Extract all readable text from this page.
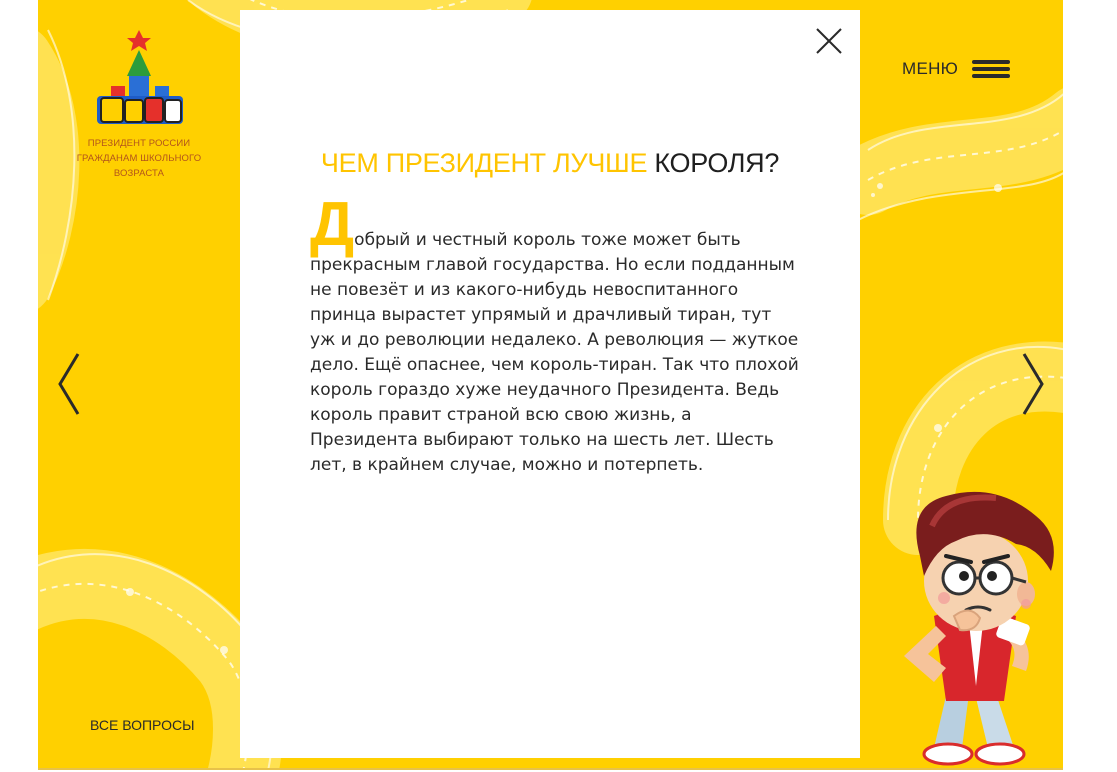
ПРЕЗИДЕНТ РОССИИ
ГРАЖДАНАМ ШКОЛЬНОГО
ВОЗРАСТА
МЕНЮ
ВСЕ ВОПРОСЫ
ЧЕМ ПРЕЗИДЕНТ ЛУЧШЕ КОРОЛЯ?

Добрый и честный король тоже может быть прекрасным главой государства. Но если подданным не повезёт и из какого-нибудь невоспитанного принца вырастет упрямый и драчливый тиран, тут уж и до революции недалеко. А революция — жуткое дело. Ещё опаснее, чем король-тиран. Так что плохой король гораздо хуже неудачного Президента. Ведь король правит страной всю свою жизнь, а Президента выбирают только на шесть лет. Шесть лет, в крайнем случае, можно и потерпеть.
